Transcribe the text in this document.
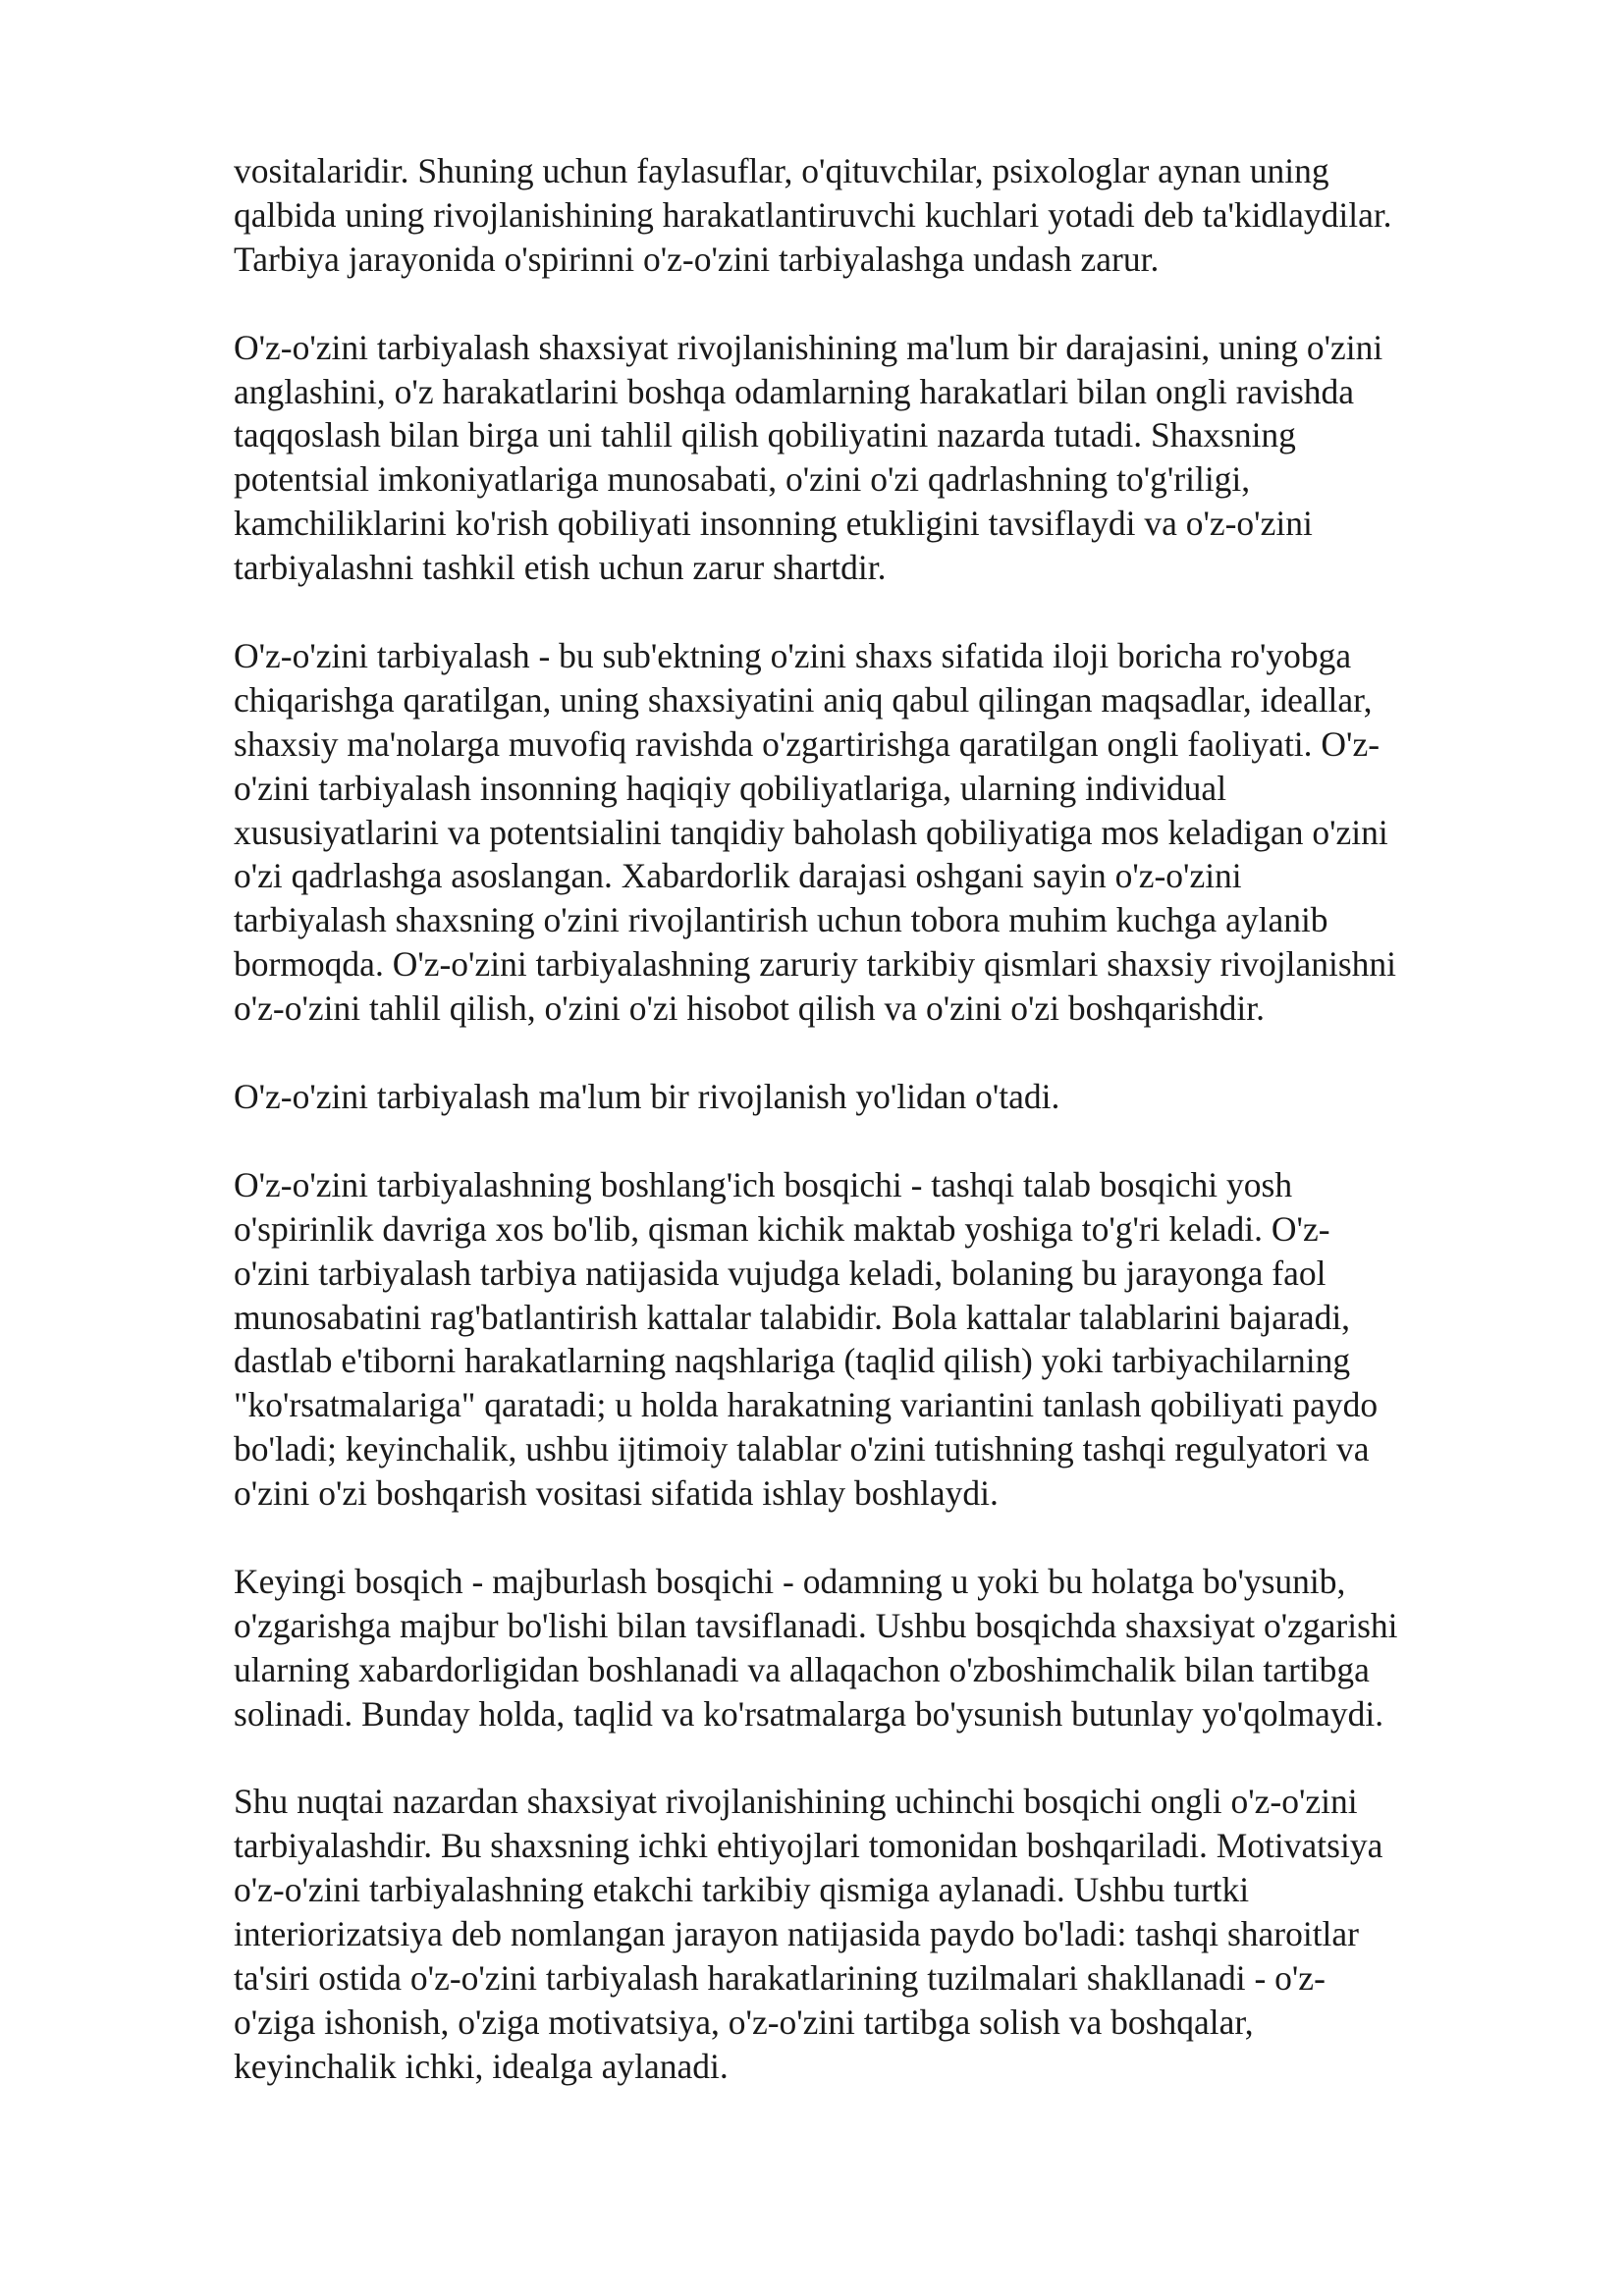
vositalaridir. Shuning uchun faylasuflar, o'qituvchilar, psixologlar aynan uning
qalbida uning rivojlanishining harakatlantiruvchi kuchlari yotadi deb ta'kidlaydilar.
Tarbiya jarayonida o'spirinni o'z-o'zini tarbiyalashga undash zarur.

O'z-o'zini tarbiyalash shaxsiyat rivojlanishining ma'lum bir darajasini, uning o'zini
anglashini, o'z harakatlarini boshqa odamlarning harakatlari bilan ongli ravishda
taqqoslash bilan birga uni tahlil qilish qobiliyatini nazarda tutadi. Shaxsning
potentsial imkoniyatlariga munosabati, o'zini o'zi qadrlashning to'g'riligi,
kamchiliklarini ko'rish qobiliyati insonning etukligini tavsiflaydi va o'z-o'zini
tarbiyalashni tashkil etish uchun zarur shartdir.

O'z-o'zini tarbiyalash - bu sub'ektning o'zini shaxs sifatida iloji boricha ro'yobga
chiqarishga qaratilgan, uning shaxsiyatini aniq qabul qilingan maqsadlar, ideallar,
shaxsiy ma'nolarga muvofiq ravishda o'zgartirishga qaratilgan ongli faoliyati. O'z-
o'zini tarbiyalash insonning haqiqiy qobiliyatlariga, ularning individual
xususiyatlarini va potentsialini tanqidiy baholash qobiliyatiga mos keladigan o'zini
o'zi qadrlashga asoslangan. Xabardorlik darajasi oshgani sayin o'z-o'zini
tarbiyalash shaxsning o'zini rivojlantirish uchun tobora muhim kuchga aylanib
bormoqda. O'z-o'zini tarbiyalashning zaruriy tarkibiy qismlari shaxsiy rivojlanishni
o'z-o'zini tahlil qilish, o'zini o'zi hisobot qilish va o'zini o'zi boshqarishdir.

O'z-o'zini tarbiyalash ma'lum bir rivojlanish yo'lidan o'tadi.

O'z-o'zini tarbiyalashning boshlang'ich bosqichi - tashqi talab bosqichi yosh
o'spirinlik davriga xos bo'lib, qisman kichik maktab yoshiga to'g'ri keladi. O'z-
o'zini tarbiyalash tarbiya natijasida vujudga keladi, bolaning bu jarayonga faol
munosabatini rag'batlantirish kattalar talabidir. Bola kattalar talablarini bajaradi,
dastlab e'tiborni harakatlarning naqshlariga (taqlid qilish) yoki tarbiyachilarning
"ko'rsatmalariga" qaratadi; u holda harakatning variantini tanlash qobiliyati paydo
bo'ladi; keyinchalik, ushbu ijtimoiy talablar o'zini tutishning tashqi regulyatori va
o'zini o'zi boshqarish vositasi sifatida ishlay boshlaydi.

Keyingi bosqich - majburlash bosqichi - odamning u yoki bu holatga bo'ysunib,
o'zgarishga majbur bo'lishi bilan tavsiflanadi. Ushbu bosqichda shaxsiyat o'zgarishi
ularning xabardorligidan boshlanadi va allaqachon o'zboshimchalik bilan tartibga
solinadi. Bunday holda, taqlid va ko'rsatmalarga bo'ysunish butunlay yo'qolmaydi.

Shu nuqtai nazardan shaxsiyat rivojlanishining uchinchi bosqichi ongli o'z-o'zini
tarbiyalashdir. Bu shaxsning ichki ehtiyojlari tomonidan boshqariladi. Motivatsiya
o'z-o'zini tarbiyalashning etakchi tarkibiy qismiga aylanadi. Ushbu turtki
interiorizatsiya deb nomlangan jarayon natijasida paydo bo'ladi: tashqi sharoitlar
ta'siri ostida o'z-o'zini tarbiyalash harakatlarining tuzilmalari shakllanadi - o'z-
o'ziga ishonish, o'ziga motivatsiya, o'z-o'zini tartibga solish va boshqalar,
keyinchalik ichki, idealga aylanadi.
